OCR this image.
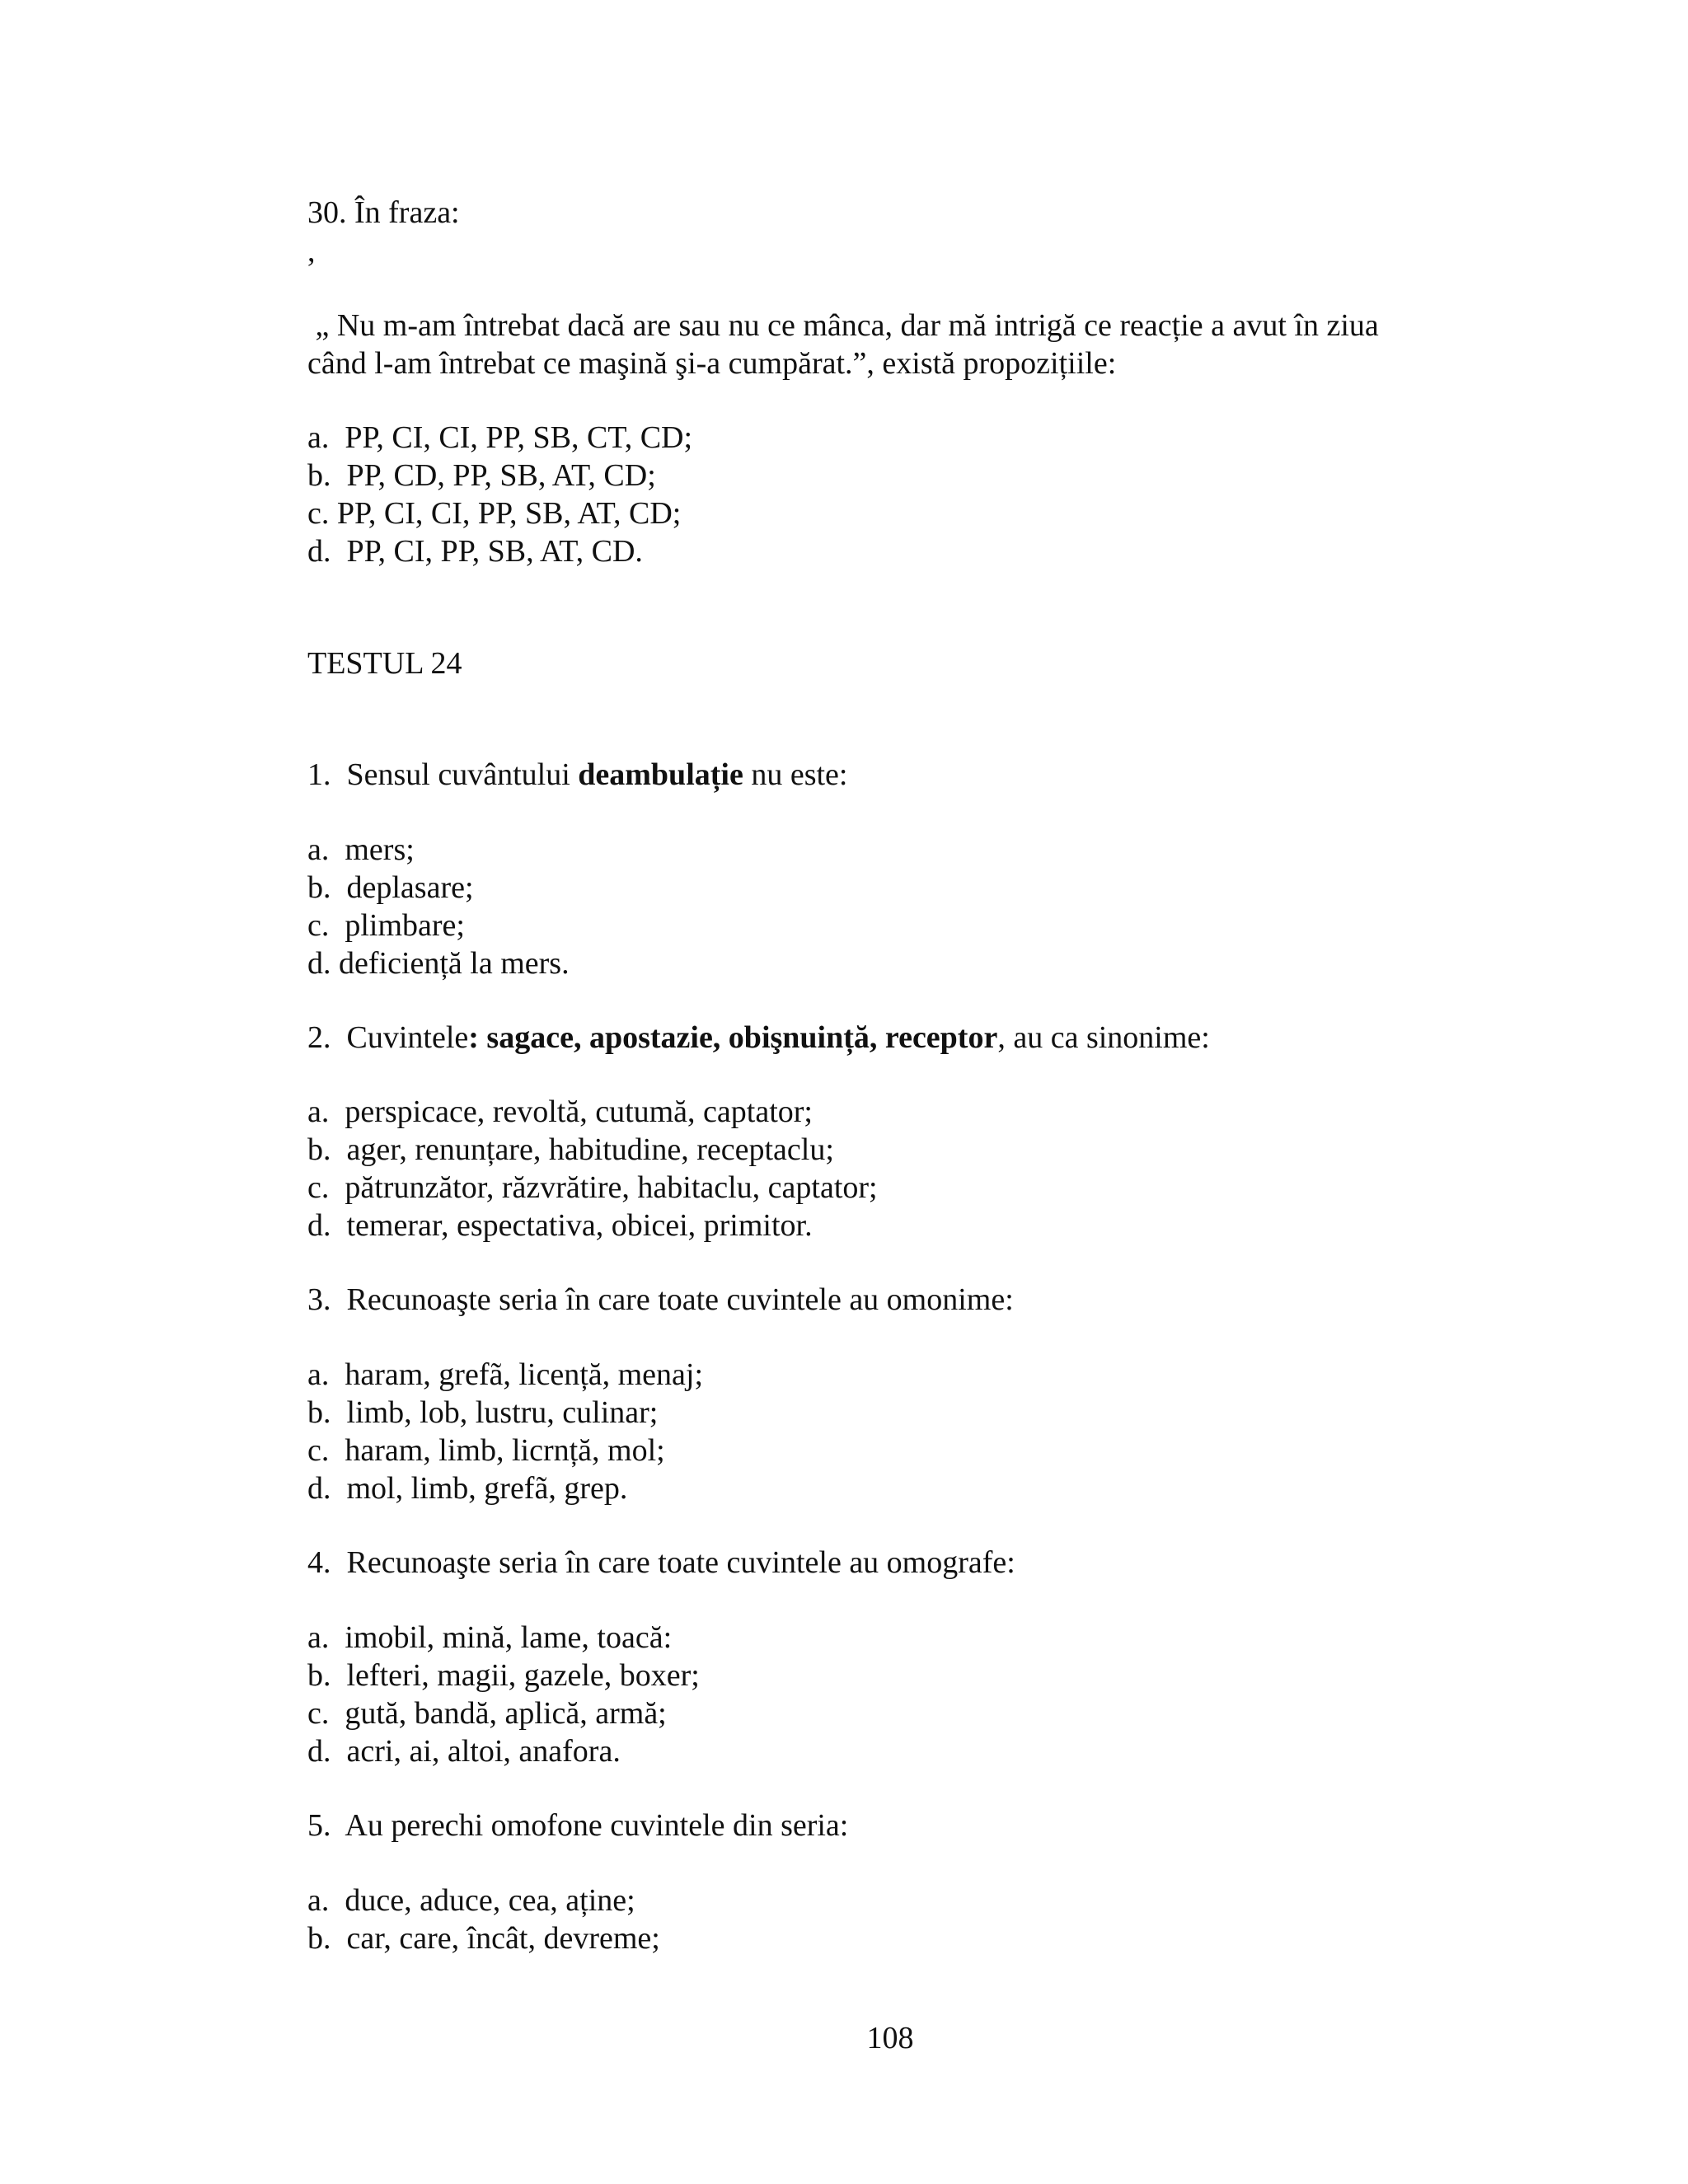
30. În fraza:
,
„ Nu m-am întrebat dacă are sau nu ce mânca, dar mă intrigă ce reacție a avut în ziua
când l-am întrebat ce maşină şi-a cumpărat.”, există propozițiile:
a.  PP, CI, CI, PP, SB, CT, CD;
b.  PP, CD, PP, SB, AT, CD;
c. PP, CI, CI, PP, SB, AT, CD;
d.  PP, CI, PP, SB, AT, CD.
TESTUL 24
1.  Sensul cuvântului deambulație nu este:
a.  mers;
b.  deplasare;
c.  plimbare;
d. deficiență la mers.
2.  Cuvintele: sagace, apostazie, obişnuință, receptor, au ca sinonime:
a.  perspicace, revoltă, cutumă, captator;
b.  ager, renunțare, habitudine, receptaclu;
c.  pătrunzător, răzvrătire, habitaclu, captator;
d.  temerar, espectativa, obicei, primitor.
3.  Recunoaşte seria în care toate cuvintele au omonime:
a.  haram, grefã, licență, menaj;
b.  limb, lob, lustru, culinar;
c.  haram, limb, licrnță, mol;
d.  mol, limb, grefã, grep.
4.  Recunoaşte seria în care toate cuvintele au omografe:
a.  imobil, mină, lame, toacă:
b.  lefteri, magii, gazele, boxer;
c.  gută, bandă, aplică, armă;
d.  acri, ai, altoi, anafora.
5.  Au perechi omofone cuvintele din seria:
a.  duce, aduce, cea, aține;
b.  car, care, încât, devreme;
108
